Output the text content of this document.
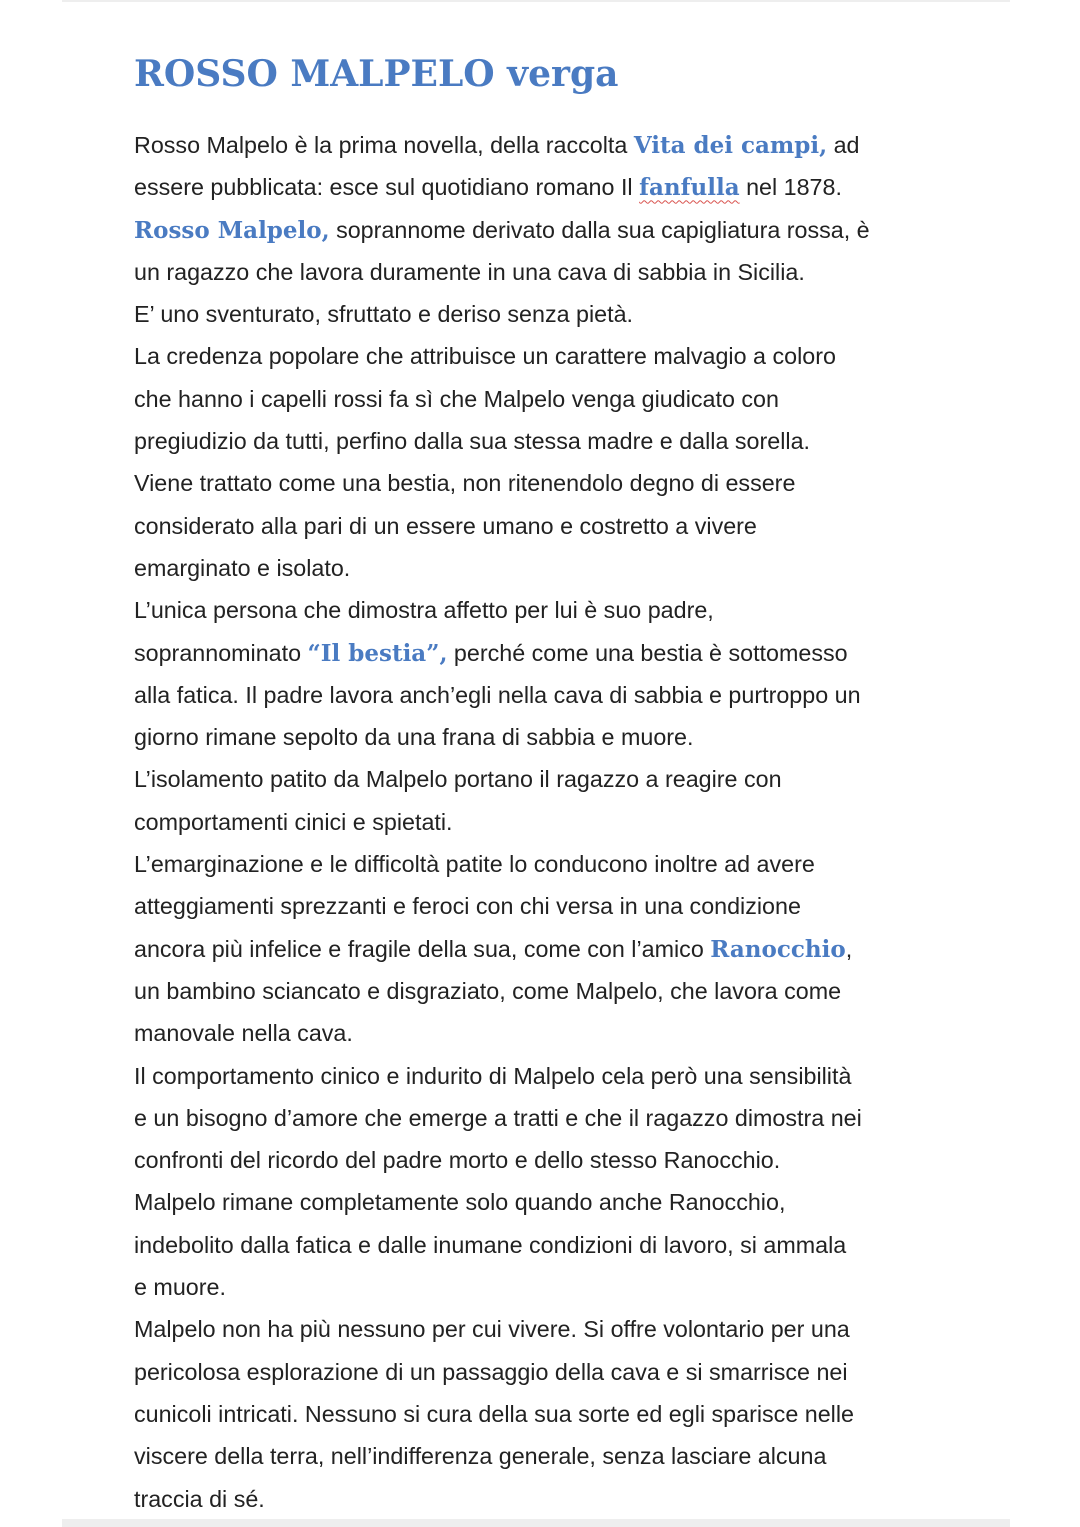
ROSSO MALPELO verga
Rosso Malpelo è la prima novella, della raccolta Vita dei campi, ad
essere pubblicata: esce sul quotidiano romano Il fanfulla nel 1878.
Rosso Malpelo, soprannome derivato dalla sua capigliatura rossa, è
un ragazzo che lavora duramente in una cava di sabbia in Sicilia.
E’ uno sventurato, sfruttato e deriso senza pietà.
La credenza popolare che attribuisce un carattere malvagio a coloro
che hanno i capelli rossi fa sì che Malpelo venga giudicato con
pregiudizio da tutti, perfino dalla sua stessa madre e dalla sorella.
Viene trattato come una bestia, non ritenendolo degno di essere
considerato alla pari di un essere umano e costretto a vivere
emarginato e isolato.
L’unica persona che dimostra affetto per lui è suo padre,
soprannominato “Il bestia”, perché come una bestia è sottomesso
alla fatica. Il padre lavora anch’egli nella cava di sabbia e purtroppo un
giorno rimane sepolto da una frana di sabbia e muore.
L’isolamento patito da Malpelo portano il ragazzo a reagire con
comportamenti cinici e spietati.
L’emarginazione e le difficoltà patite lo conducono inoltre ad avere
atteggiamenti sprezzanti e feroci con chi versa in una condizione
ancora più infelice e fragile della sua, come con l’amico Ranocchio,
un bambino sciancato e disgraziato, come Malpelo, che lavora come
manovale nella cava.
Il comportamento cinico e indurito di Malpelo cela però una sensibilità
e un bisogno d’amore che emerge a tratti e che il ragazzo dimostra nei
confronti del ricordo del padre morto e dello stesso Ranocchio.
Malpelo rimane completamente solo quando anche Ranocchio,
indebolito dalla fatica e dalle inumane condizioni di lavoro, si ammala
e muore.
Malpelo non ha più nessuno per cui vivere. Si offre volontario per una
pericolosa esplorazione di un passaggio della cava e si smarrisce nei
cunicoli intricati. Nessuno si cura della sua sorte ed egli sparisce nelle
viscere della terra, nell’indifferenza generale, senza lasciare alcuna
traccia di sé.
